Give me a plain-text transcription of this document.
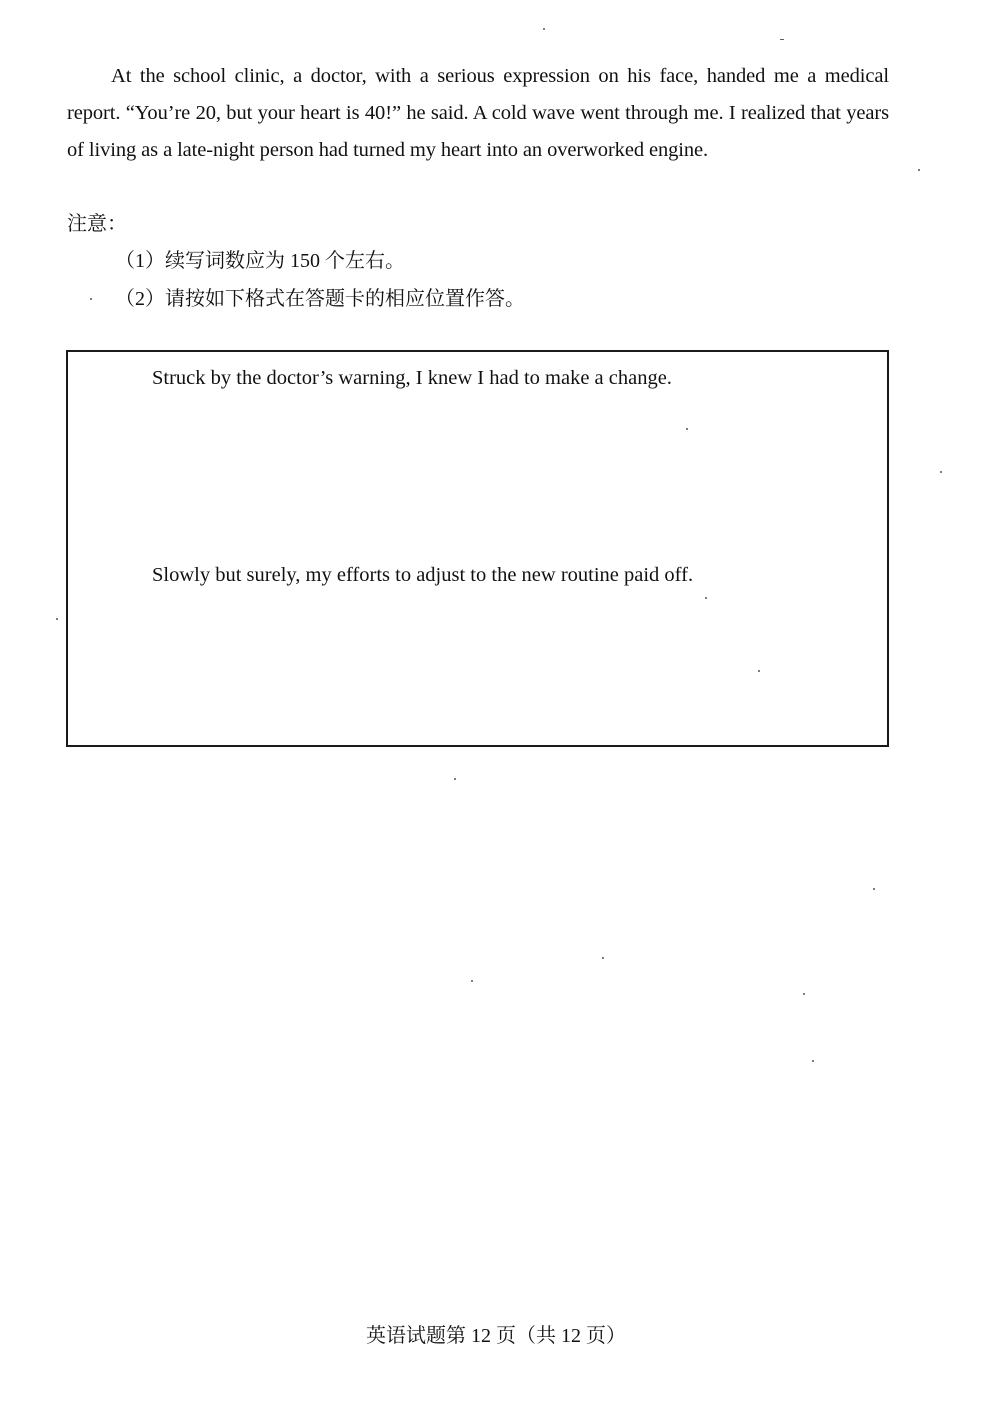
At the school clinic, a doctor, with a serious expression on his face, handed me a medical report. “You’re 20, but your heart is 40!” he said. A cold wave went through me. I realized that years of living as a late-night person had turned my heart into an overworked engine.

注意：

（1）续写词数应为 150 个左右。

（2）请按如下格式在答题卡的相应位置作答。

Struck by the doctor’s warning, I knew I had to make a change.

Slowly but surely, my efforts to adjust to the new routine paid off.

英语试题第 12 页（共 12 页）
